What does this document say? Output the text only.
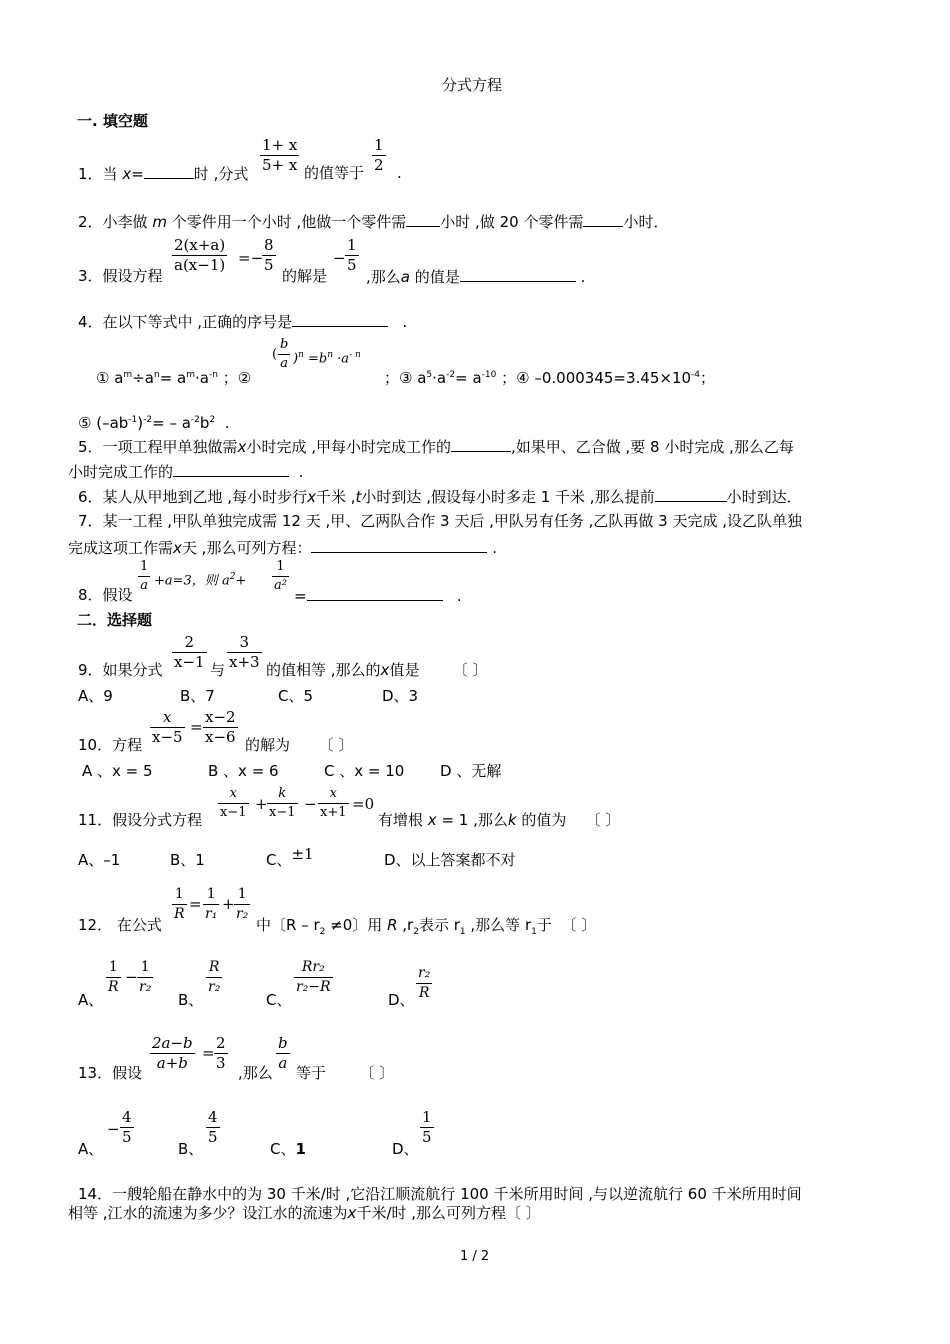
分式方程
一. 填空题
1．当 x=	时 ,分式
1+ x
5+ x 的值等于
1
2 .
2．小李做 m 个零件用一个小时 ,他做一个零件需 小时 ,做 20 个零件需	小时．
3．假设方程
2(x+a)
a(x−1) =−
8
5
的解是
−
1
5
,那么a 的值是	.
4．在以下等式中 ,正确的序号是	.
① $a^m\div a^n= a^m\cdot a^{-n}$ ；②
(
b
a )$^n =b^n \cdot a^{- n}$
；③ $a^5\cdot a^{-2}= a^{-10}$ ；④ $-0.000345=3.45\times 10^{-4}$；
⑤ $(-ab^{-1})^{-2}= - a^{-2}b^2$ .
5．一项工程甲单独做需x小时完成 ,甲每小时完成工作的	,如果甲、乙合做 ,要 8 小时完成 ,那么乙每
小时完成工作的	.
6．某人从甲地到乙地 ,每小时步行x千米 ,t小时到达 ,假设每小时多走 1 千米 ,那么提前	小时到达．
7．某一工程 ,甲队单独完成需 12 天 ,甲、乙两队合作 3 天后 ,甲队另有任务 ,乙队再做 3 天完成 ,设乙队单独
完成这项工作需x天 ,那么可列方程：	.
8．假设
1
a +a=3，则 $a^2+$
1
a²
=	.
二．选择题
9．如果分式
2
x−1 与
3
x+3 的值相等 ,那么的x值是 〔 〕
A、9	B、7	C、5	D、3
10．方程
x
x−5
=
x−2
x−6 的解为 〔 〕
A 、x = 5	B 、x = 6	C 、x = 10 D 、无解
11．假设分式方程
x
x−1 +
k
x−1 −
x
x+1 =0
有增根 x = 1 ,那么k 的值为 〔 〕
A、–1	B、1	C、±1	D、以上答案都不对
12． 在公式
1
R
=
1
r₁
+
1
r₂
中〔$R - r_2 \ne 0$〕用 R $,r_2$表示 $r_1$ ,那么等 $r_1$于 〔 〕
A、
1
R
−
1
r₂
B、
R
r₂
C、
Rr₂
r₂−R
D、
r₂
R
13．假设
2a−b
a+b
=
2
3
,那么
b
a
等于 〔 〕
A、
−
4
5
B、
4
5
C、1	D、
1
5
14．一艘轮船在静水中的为 30 千米/时 ,它沿江顺流航行 100 千米所用时间 ,与以逆流航行 60 千米所用时间
相等 ,江水的流速为多少？设江水的流速为x千米/时 ,那么可列方程〔 〕
1 / 2
